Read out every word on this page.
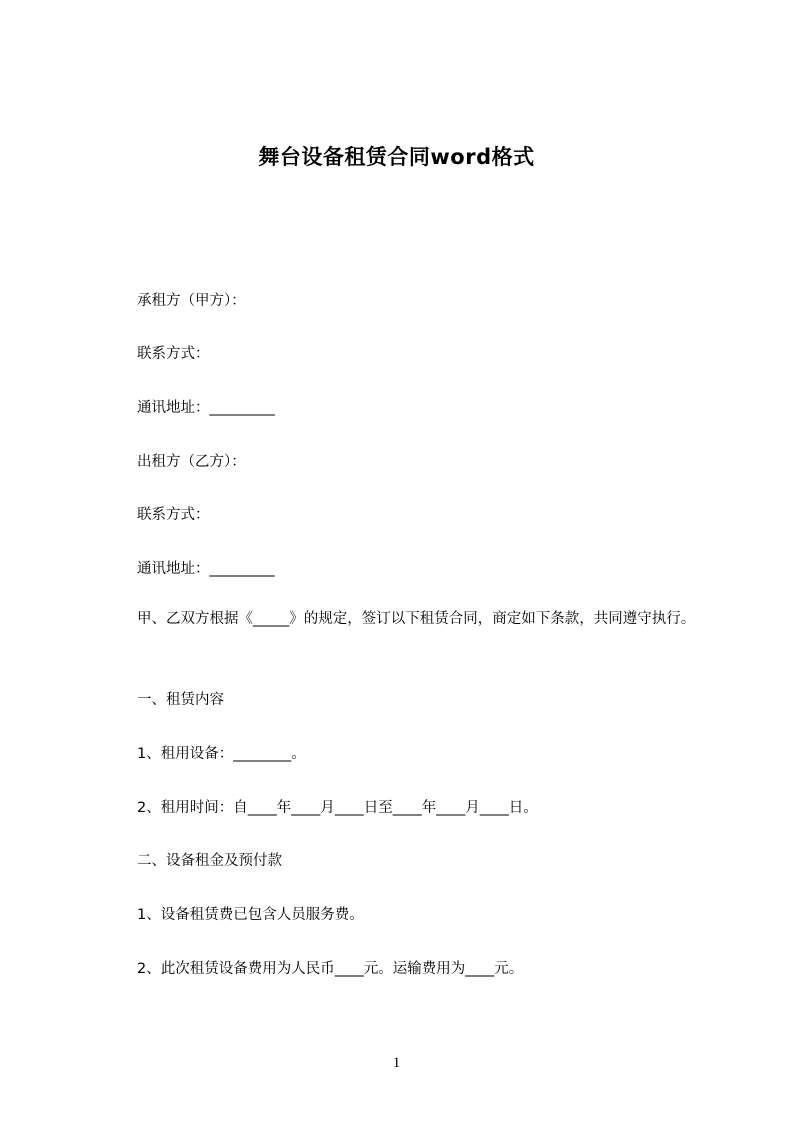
舞台设备租赁合同word格式
承租方（甲方）：
联系方式：
通讯地址：_________
出租方（乙方）：
联系方式：
通讯地址：_________
甲、乙双方根据《_____》的规定，签订以下租赁合同，商定如下条款，共同遵守执行。
一、租赁内容
1、租用设备：________。
2、租用时间：自____年____月____日至____年____月____日。
二、设备租金及预付款
1、设备租赁费已包含人员服务费。
2、此次租赁设备费用为人民币____元。运输费用为____元。
1
